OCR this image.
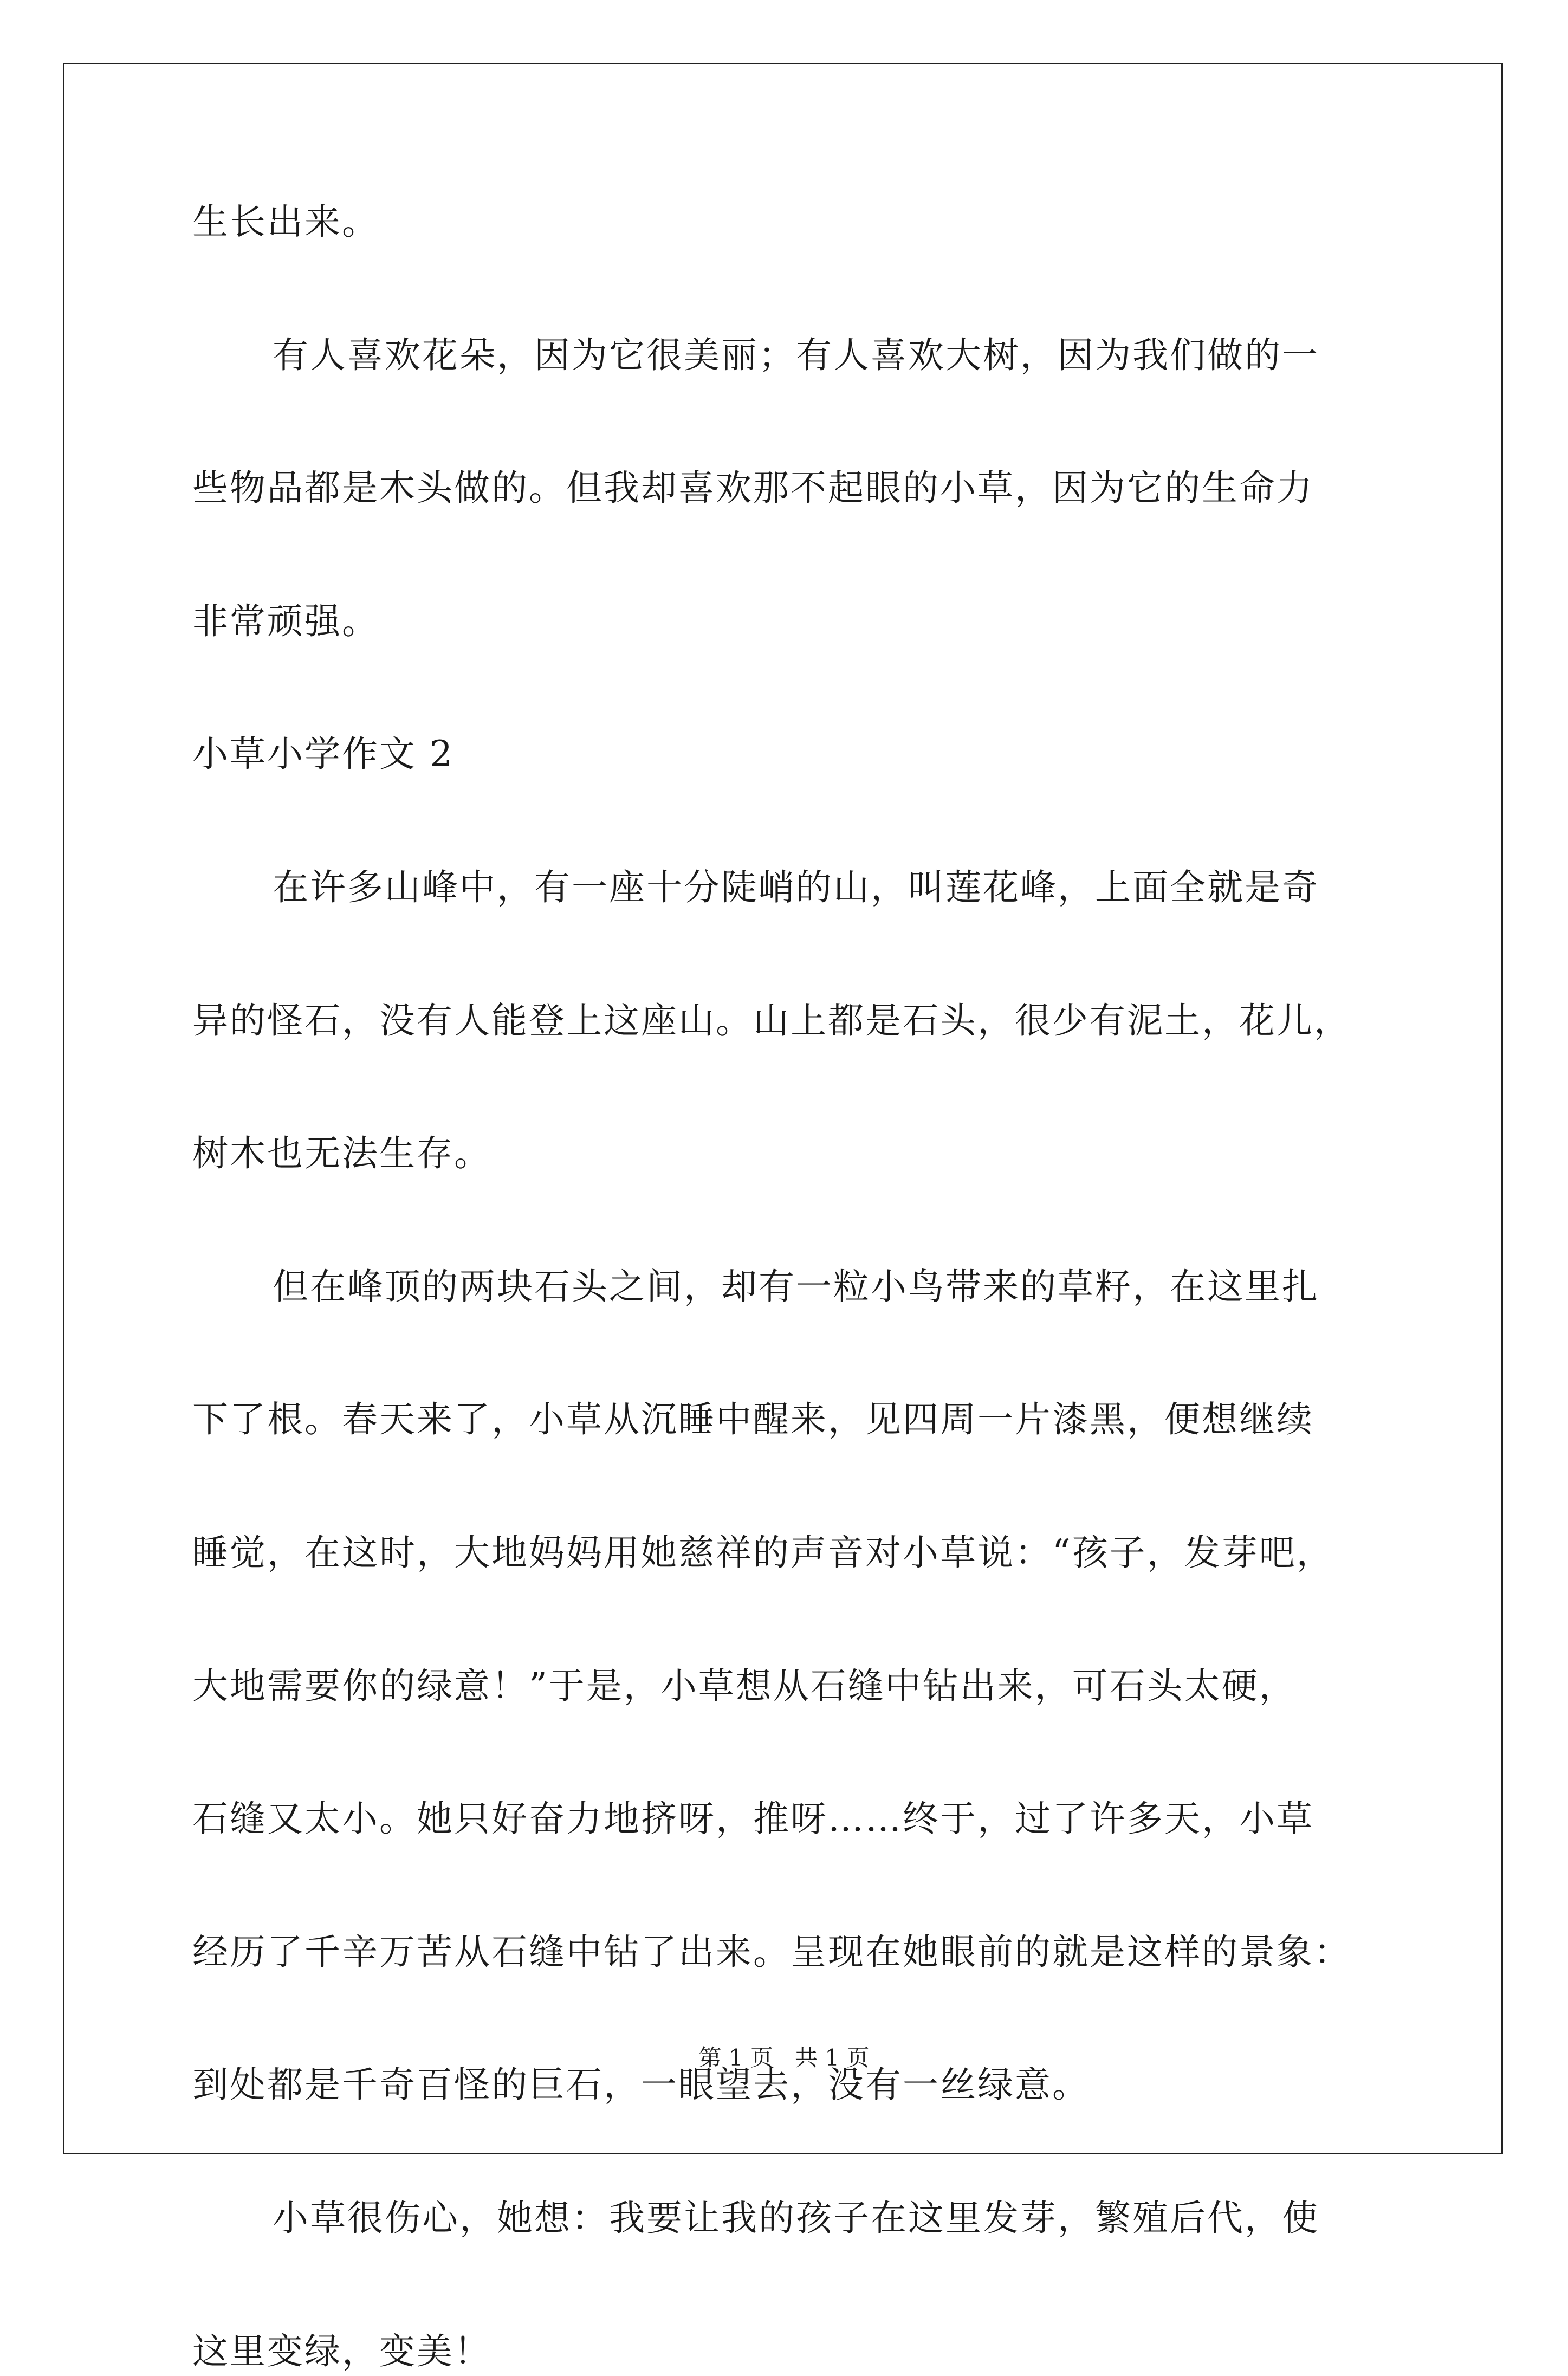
生长出来。
有人喜欢花朵，因为它很美丽；有人喜欢大树，因为我们做的一
些物品都是木头做的。但我却喜欢那不起眼的小草，因为它的生命力
非常顽强。
小草小学作文 2
在许多山峰中，有一座十分陡峭的山，叫莲花峰，上面全就是奇
异的怪石，没有人能登上这座山。山上都是石头，很少有泥土，花儿，
树木也无法生存。
但在峰顶的两块石头之间，却有一粒小鸟带来的草籽，在这里扎
下了根。春天来了，小草从沉睡中醒来，见四周一片漆黑，便想继续
睡觉，在这时，大地妈妈用她慈祥的声音对小草说：“孩子，发芽吧，
大地需要你的绿意！”于是，小草想从石缝中钻出来，可石头太硬，
石缝又太小。她只好奋力地挤呀，推呀……终于，过了许多天，小草
经历了千辛万苦从石缝中钻了出来。呈现在她眼前的就是这样的景象：
到处都是千奇百怪的巨石，一眼望去，没有一丝绿意。
小草很伤心，她想：我要让我的孩子在这里发芽，繁殖后代，使
这里变绿，变美！
第 1 页   共 1 页
